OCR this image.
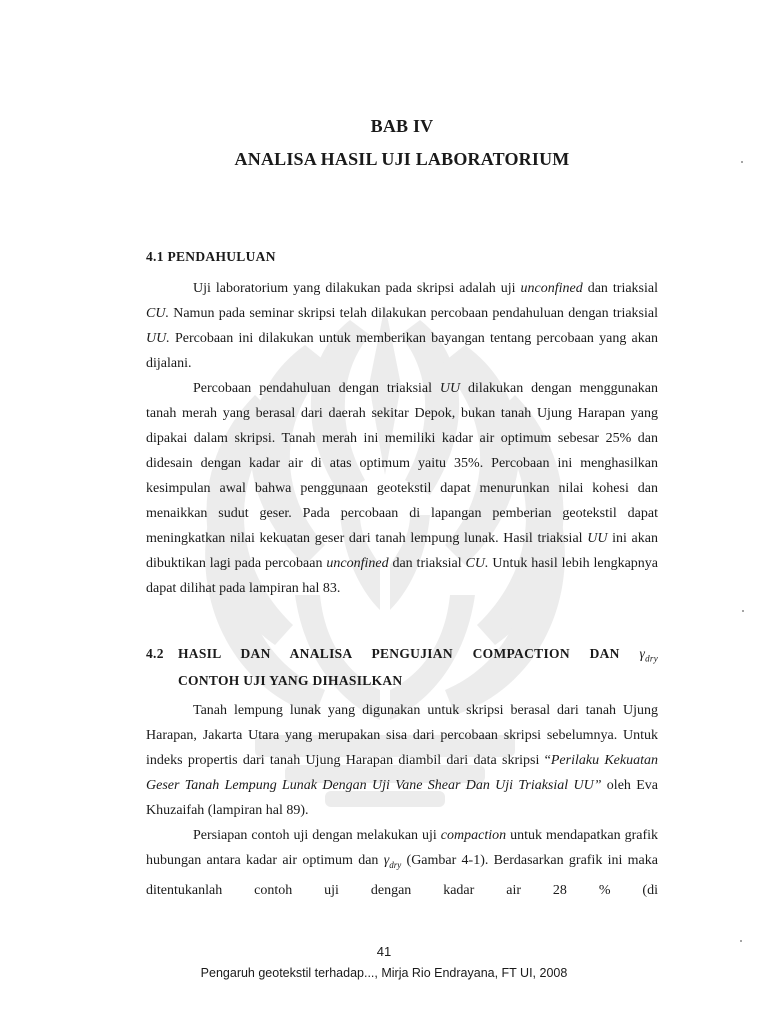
BAB IV
ANALISA HASIL UJI LABORATORIUM
4.1 PENDAHULUAN
Uji laboratorium yang dilakukan pada skripsi adalah uji unconfined dan triaksial CU. Namun pada seminar skripsi telah dilakukan percobaan pendahuluan dengan triaksial UU. Percobaan ini dilakukan untuk memberikan bayangan tentang percobaan yang akan dijalani.
Percobaan pendahuluan dengan triaksial UU dilakukan dengan menggunakan tanah merah yang berasal dari daerah sekitar Depok, bukan tanah Ujung Harapan yang dipakai dalam skripsi. Tanah merah ini memiliki kadar air optimum sebesar 25% dan didesain dengan kadar air di atas optimum yaitu 35%. Percobaan ini menghasilkan kesimpulan awal bahwa penggunaan geotekstil dapat menurunkan nilai kohesi dan menaikkan sudut geser. Pada percobaan di lapangan pemberian geotekstil dapat meningkatkan nilai kekuatan geser dari tanah lempung lunak. Hasil triaksial UU ini akan dibuktikan lagi pada percobaan unconfined dan triaksial CU. Untuk hasil lebih lengkapnya dapat dilihat pada lampiran hal 83.
4.2	HASIL DAN ANALISA PENGUJIAN COMPACTION DAN $\gamma_{dry}$
CONTOH UJI YANG DIHASILKAN
Tanah lempung lunak yang digunakan untuk skripsi berasal dari tanah Ujung Harapan, Jakarta Utara yang merupakan sisa dari percobaan skripsi sebelumnya. Untuk indeks propertis dari tanah Ujung Harapan diambil dari data skripsi “Perilaku Kekuatan Geser Tanah Lempung Lunak Dengan Uji Vane Shear Dan Uji Triaksial UU” oleh Eva Khuzaifah (lampiran hal 89).
Persiapan contoh uji dengan melakukan uji compaction untuk mendapatkan grafik hubungan antara kadar air optimum dan $\gamma_{dry}$ (Gambar 4-1). Berdasarkan grafik ini maka ditentukanlah contoh uji dengan kadar air 28 % (di
41
Pengaruh geotekstil terhadap..., Mirja Rio Endrayana, FT UI, 2008
